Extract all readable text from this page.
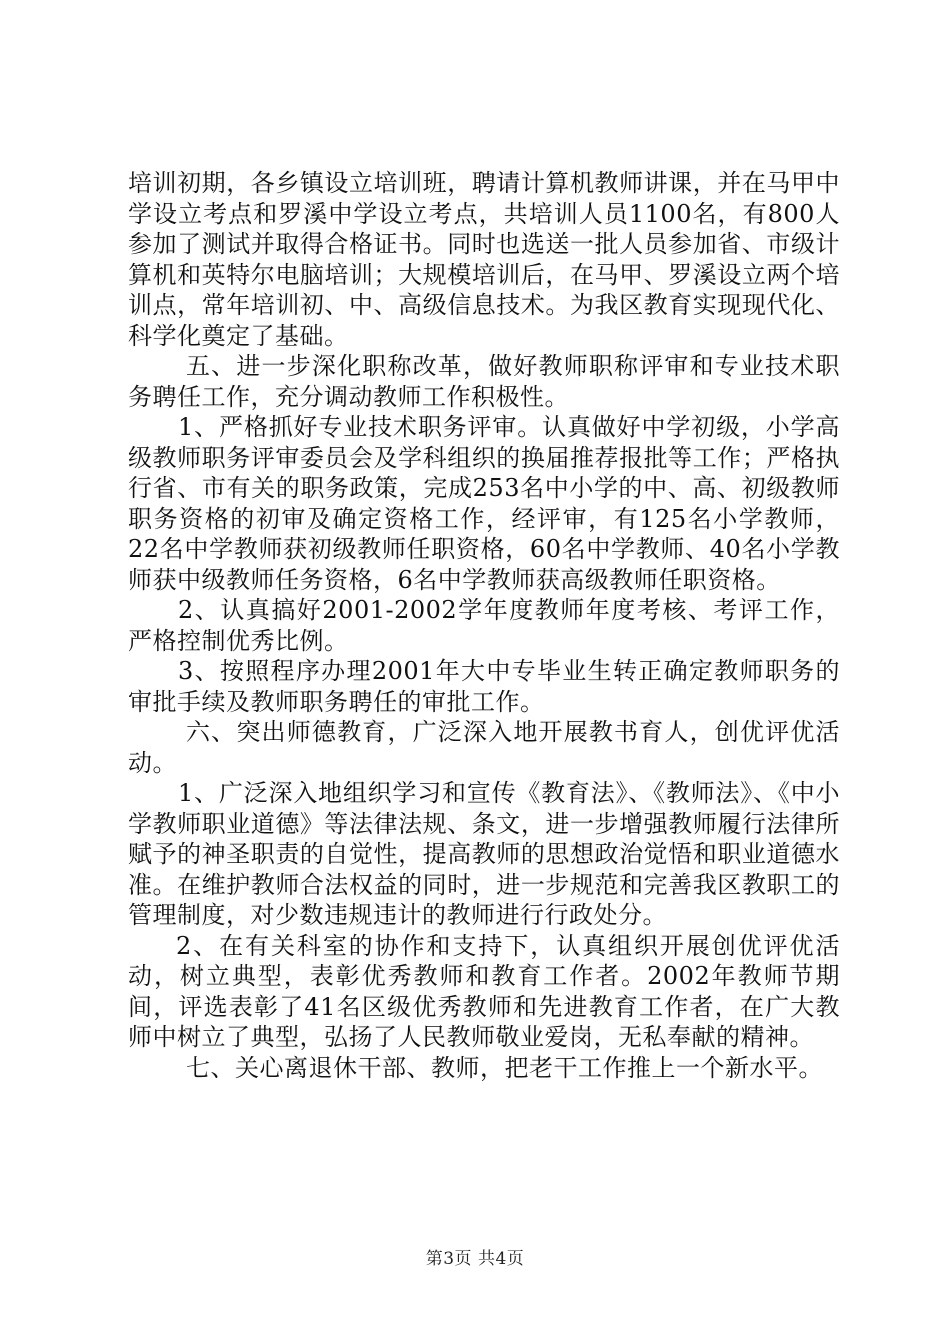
培训初期，各乡镇设立培训班，聘请计算机教师讲课，并在马甲中学设立考点和罗溪中学设立考点，共培训人员1100名，有800人参加了测试并取得合格证书。同时也选送一批人员参加省、市级计算机和英特尔电脑培训；大规模培训后，在马甲、罗溪设立两个培训点，常年培训初、中、高级信息技术。为我区教育实现现代化、科学化奠定了基础。

五、进一步深化职称改革，做好教师职称评审和专业技术职务聘任工作，充分调动教师工作积极性。

1、严格抓好专业技术职务评审。认真做好中学初级，小学高级教师职务评审委员会及学科组织的换届推荐报批等工作；严格执行省、市有关的职务政策，完成253名中小学的中、高、初级教师职务资格的初审及确定资格工作，经评审，有125名小学教师，22名中学教师获初级教师任职资格，60名中学教师、40名小学教师获中级教师任务资格，6名中学教师获高级教师任职资格。

2、认真搞好2001-2002学年度教师年度考核、考评工作，严格控制优秀比例。

3、按照程序办理2001年大中专毕业生转正确定教师职务的审批手续及教师职务聘任的审批工作。

六、突出师德教育，广泛深入地开展教书育人，创优评优活动。

1、广泛深入地组织学习和宣传《教育法》、《教师法》、《中小学教师职业道德》等法律法规、条文，进一步增强教师履行法律所赋予的神圣职责的自觉性，提高教师的思想政治觉悟和职业道德水准。在维护教师合法权益的同时，进一步规范和完善我区教职工的管理制度，对少数违规违计的教师进行行政处分。

2、在有关科室的协作和支持下，认真组织开展创优评优活动，树立典型，表彰优秀教师和教育工作者。2002年教师节期间，评选表彰了41名区级优秀教师和先进教育工作者，在广大教师中树立了典型，弘扬了人民教师敬业爱岗，无私奉献的精神。

七、关心离退休干部、教师，把老干工作推上一个新水平。

第3页 共4页
